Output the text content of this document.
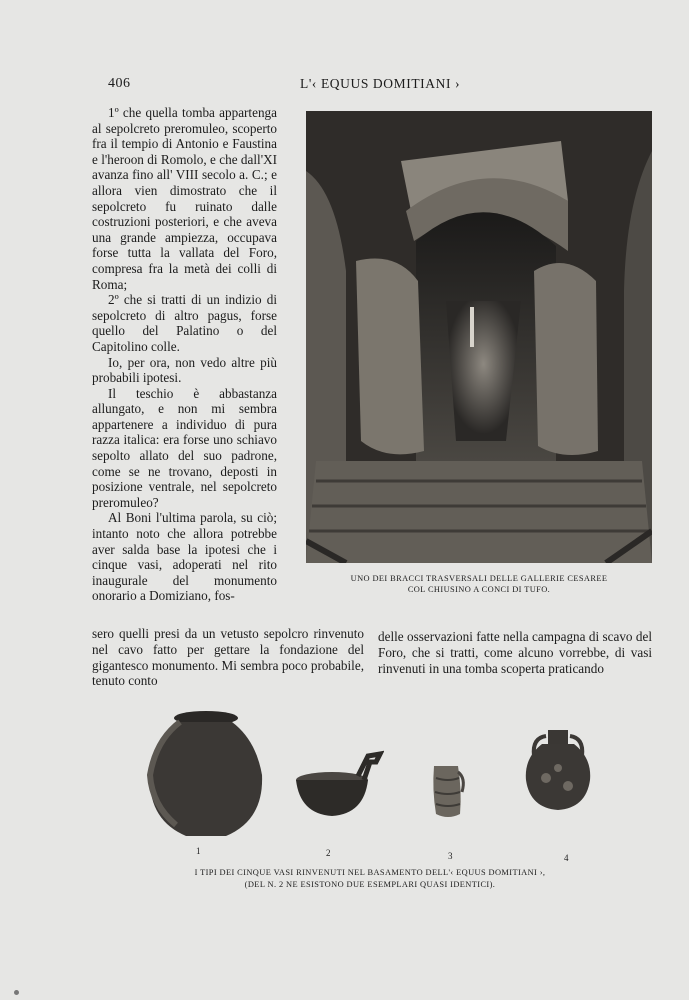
406	L'‹ EQUUS DOMITIANI ›

1º che quella tomba appartenga al sepolcreto preromuleo, scoperto fra il tempio di Antonio e Faustina e l'heroon di Romolo, e che dall'XI avanza fino all' VIII secolo a. C.; e allora vien dimostrato che il sepolcreto fu ruinato dalle costruzioni posteriori, e che aveva una grande ampiezza, occupava forse tutta la vallata del Foro, compresa fra la metà dei colli di Roma;

2º che si tratti di un indizio di sepolcreto di altro pagus, forse quello del Palatino o del Capitolino colle.

Io, per ora, non vedo altre più probabili ipotesi.

Il teschio è abbastanza allungato, e non mi sembra appartenere a individuo di pura razza italica: era forse uno schiavo sepolto allato del suo padrone, come se ne trovano, deposti in posizione ventrale, nel sepolcreto preromuleo?

Al Boni l'ultima parola, su ciò; intanto noto che allora potrebbe aver salda base la ipotesi che i cinque vasi, adoperati nel rito inaugurale del monumento onorario a Domiziano, fos-

UNO DEI BRACCI TRASVERSALI DELLE GALLERIE CESAREE
COL CHIUSINO A CONCI DI TUFO.

sero quelli presi da un vetusto sepolcro rinvenuto nel cavo fatto per gettare la fondazione del gigantesco monumento. Mi sembra poco probabile, tenuto conto

delle osservazioni fatte nella campagna di scavo del Foro, che si tratti, come alcuno vorrebbe, di vasi rinvenuti in una tomba scoperta praticando

1	2	3	4
I TIPI DEI CINQUE VASI RINVENUTI NEL BASAMENTO DELL'‹ EQUUS DOMITIANI ›,
(DEL N. 2 NE ESISTONO DUE ESEMPLARI QUASI IDENTICI).
